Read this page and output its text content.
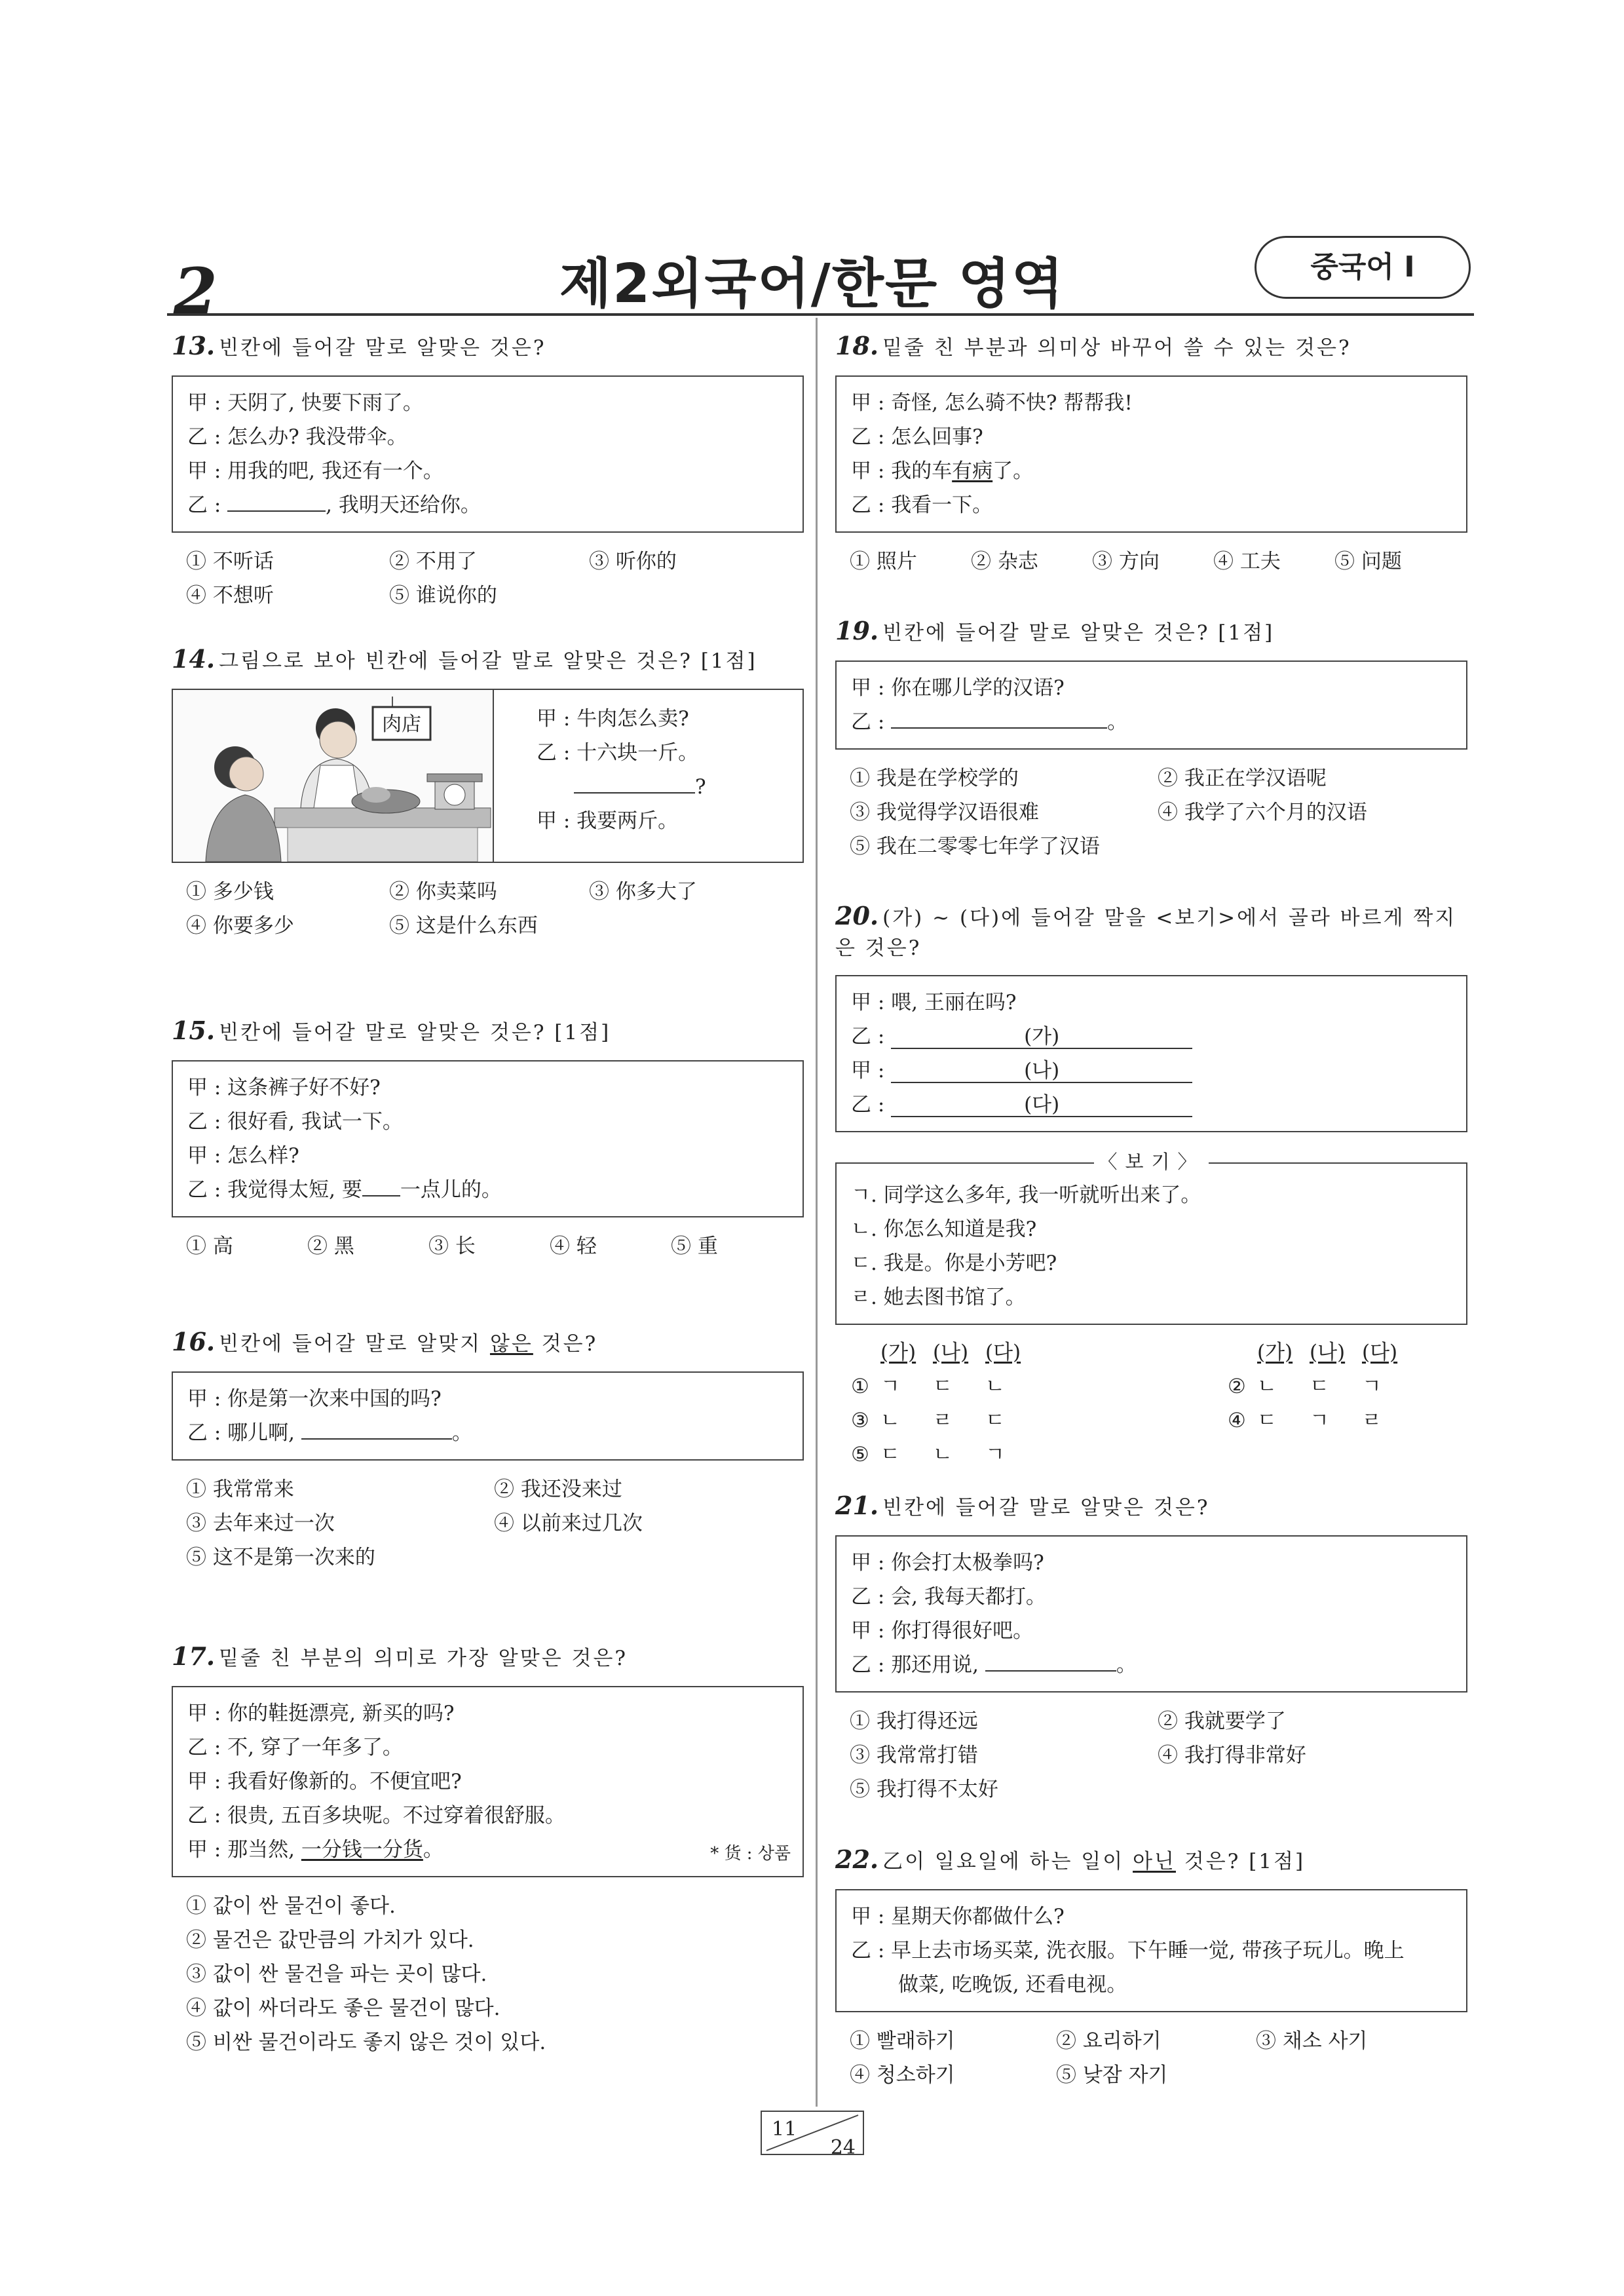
2	제2외국어/한문 영역	중국어 Ⅰ
13. 빈칸에 들어갈 말로 알맞은 것은?
甲 : 天阴了, 快要下雨了。
乙 : 怎么办? 我没带伞。
甲 : 用我的吧, 我还有一个。
乙 :	, 我明天还给你。
① 不听话	② 不用了	③ 听你的
④ 不想听	⑤ 谁说你的
14. 그림으로 보아 빈칸에 들어갈 말로 알맞은 것은? [1점]
肉店	甲 : 牛肉怎么卖?
乙 : 十六块一斤。
?
甲 : 我要两斤。
① 多少钱	② 你卖菜吗	③ 你多大了
④ 你要多少	⑤ 这是什么东西
15. 빈칸에 들어갈 말로 알맞은 것은? [1점]
甲 : 这条裤子好不好?
乙 : 很好看, 我试一下。
甲 : 怎么样?
乙 : 我觉得太短, 要 一点儿的。
① 高	② 黑	③ 长	④ 轻	⑤ 重
16. 빈칸에 들어갈 말로 알맞지 않은 것은?
甲 : 你是第一次来中国的吗?
乙 : 哪儿啊,	。
① 我常常来	② 我还没来过
③ 去年来过一次	④ 以前来过几次
⑤ 这不是第一次来的
17. 밑줄 친 부분의 의미로 가장 알맞은 것은?
甲 : 你的鞋挺漂亮, 新买的吗?
乙 : 不, 穿了一年多了。
甲 : 我看好像新的。不便宜吧?
乙 : 很贵, 五百多块呢。不过穿着很舒服。
甲 : 那当然, 一分钱一分货。	* 货 : 상품
① 값이 싼 물건이 좋다.
② 물건은 값만큼의 가치가 있다.
③ 값이 싼 물건을 파는 곳이 많다.
④ 값이 싸더라도 좋은 물건이 많다.
⑤ 비싼 물건이라도 좋지 않은 것이 있다.
18. 밑줄 친 부분과 의미상 바꾸어 쓸 수 있는 것은?
甲 : 奇怪, 怎么骑不快? 帮帮我!
乙 : 怎么回事?
甲 : 我的车有病了。
乙 : 我看一下。
① 照片	② 杂志	③ 方向	④ 工夫	⑤ 问题
19. 빈칸에 들어갈 말로 알맞은 것은? [1점]
甲 : 你在哪儿学的汉语?
乙 :	。
① 我是在学校学的	② 我正在学汉语呢
③ 我觉得学汉语很难	④ 我学了六个月的汉语
⑤ 我在二零零七年学了汉语
20. (가) ~ (다)에 들어갈 말을 <보기>에서 골라 바르게 짝지은 것은?
甲 : 喂, 王丽在吗?
乙 :	(가)
甲 :	(나)
乙 :	(다)
〈보기〉
ㄱ. 同学这么多年, 我一听就听出来了。
ㄴ. 你怎么知道是我?
ㄷ. 我是。你是小芳吧?
ㄹ. 她去图书馆了。
(가) (나) (다)	(가) (나) (다)
① ㄱ	ㄷ	ㄴ	② ㄴ	ㄷ	ㄱ
③ ㄴ	ㄹ	ㄷ	④ ㄷ	ㄱ	ㄹ
⑤ ㄷ	ㄴ	ㄱ
21. 빈칸에 들어갈 말로 알맞은 것은?
甲 : 你会打太极拳吗?
乙 : 会, 我每天都打。
甲 : 你打得很好吧。
乙 : 那还用说,	。
① 我打得还远	② 我就要学了
③ 我常常打错	④ 我打得非常好
⑤ 我打得不太好
22. 乙이 일요일에 하는 일이 아닌 것은? [1점]
甲 : 星期天你都做什么?
乙 : 早上去市场买菜, 洗衣服。下午睡一觉, 带孩子玩儿。晚上
做菜, 吃晚饭, 还看电视。
① 빨래하기	② 요리하기	③ 채소 사기
④ 청소하기	⑤ 낮잠 자기
11
24
